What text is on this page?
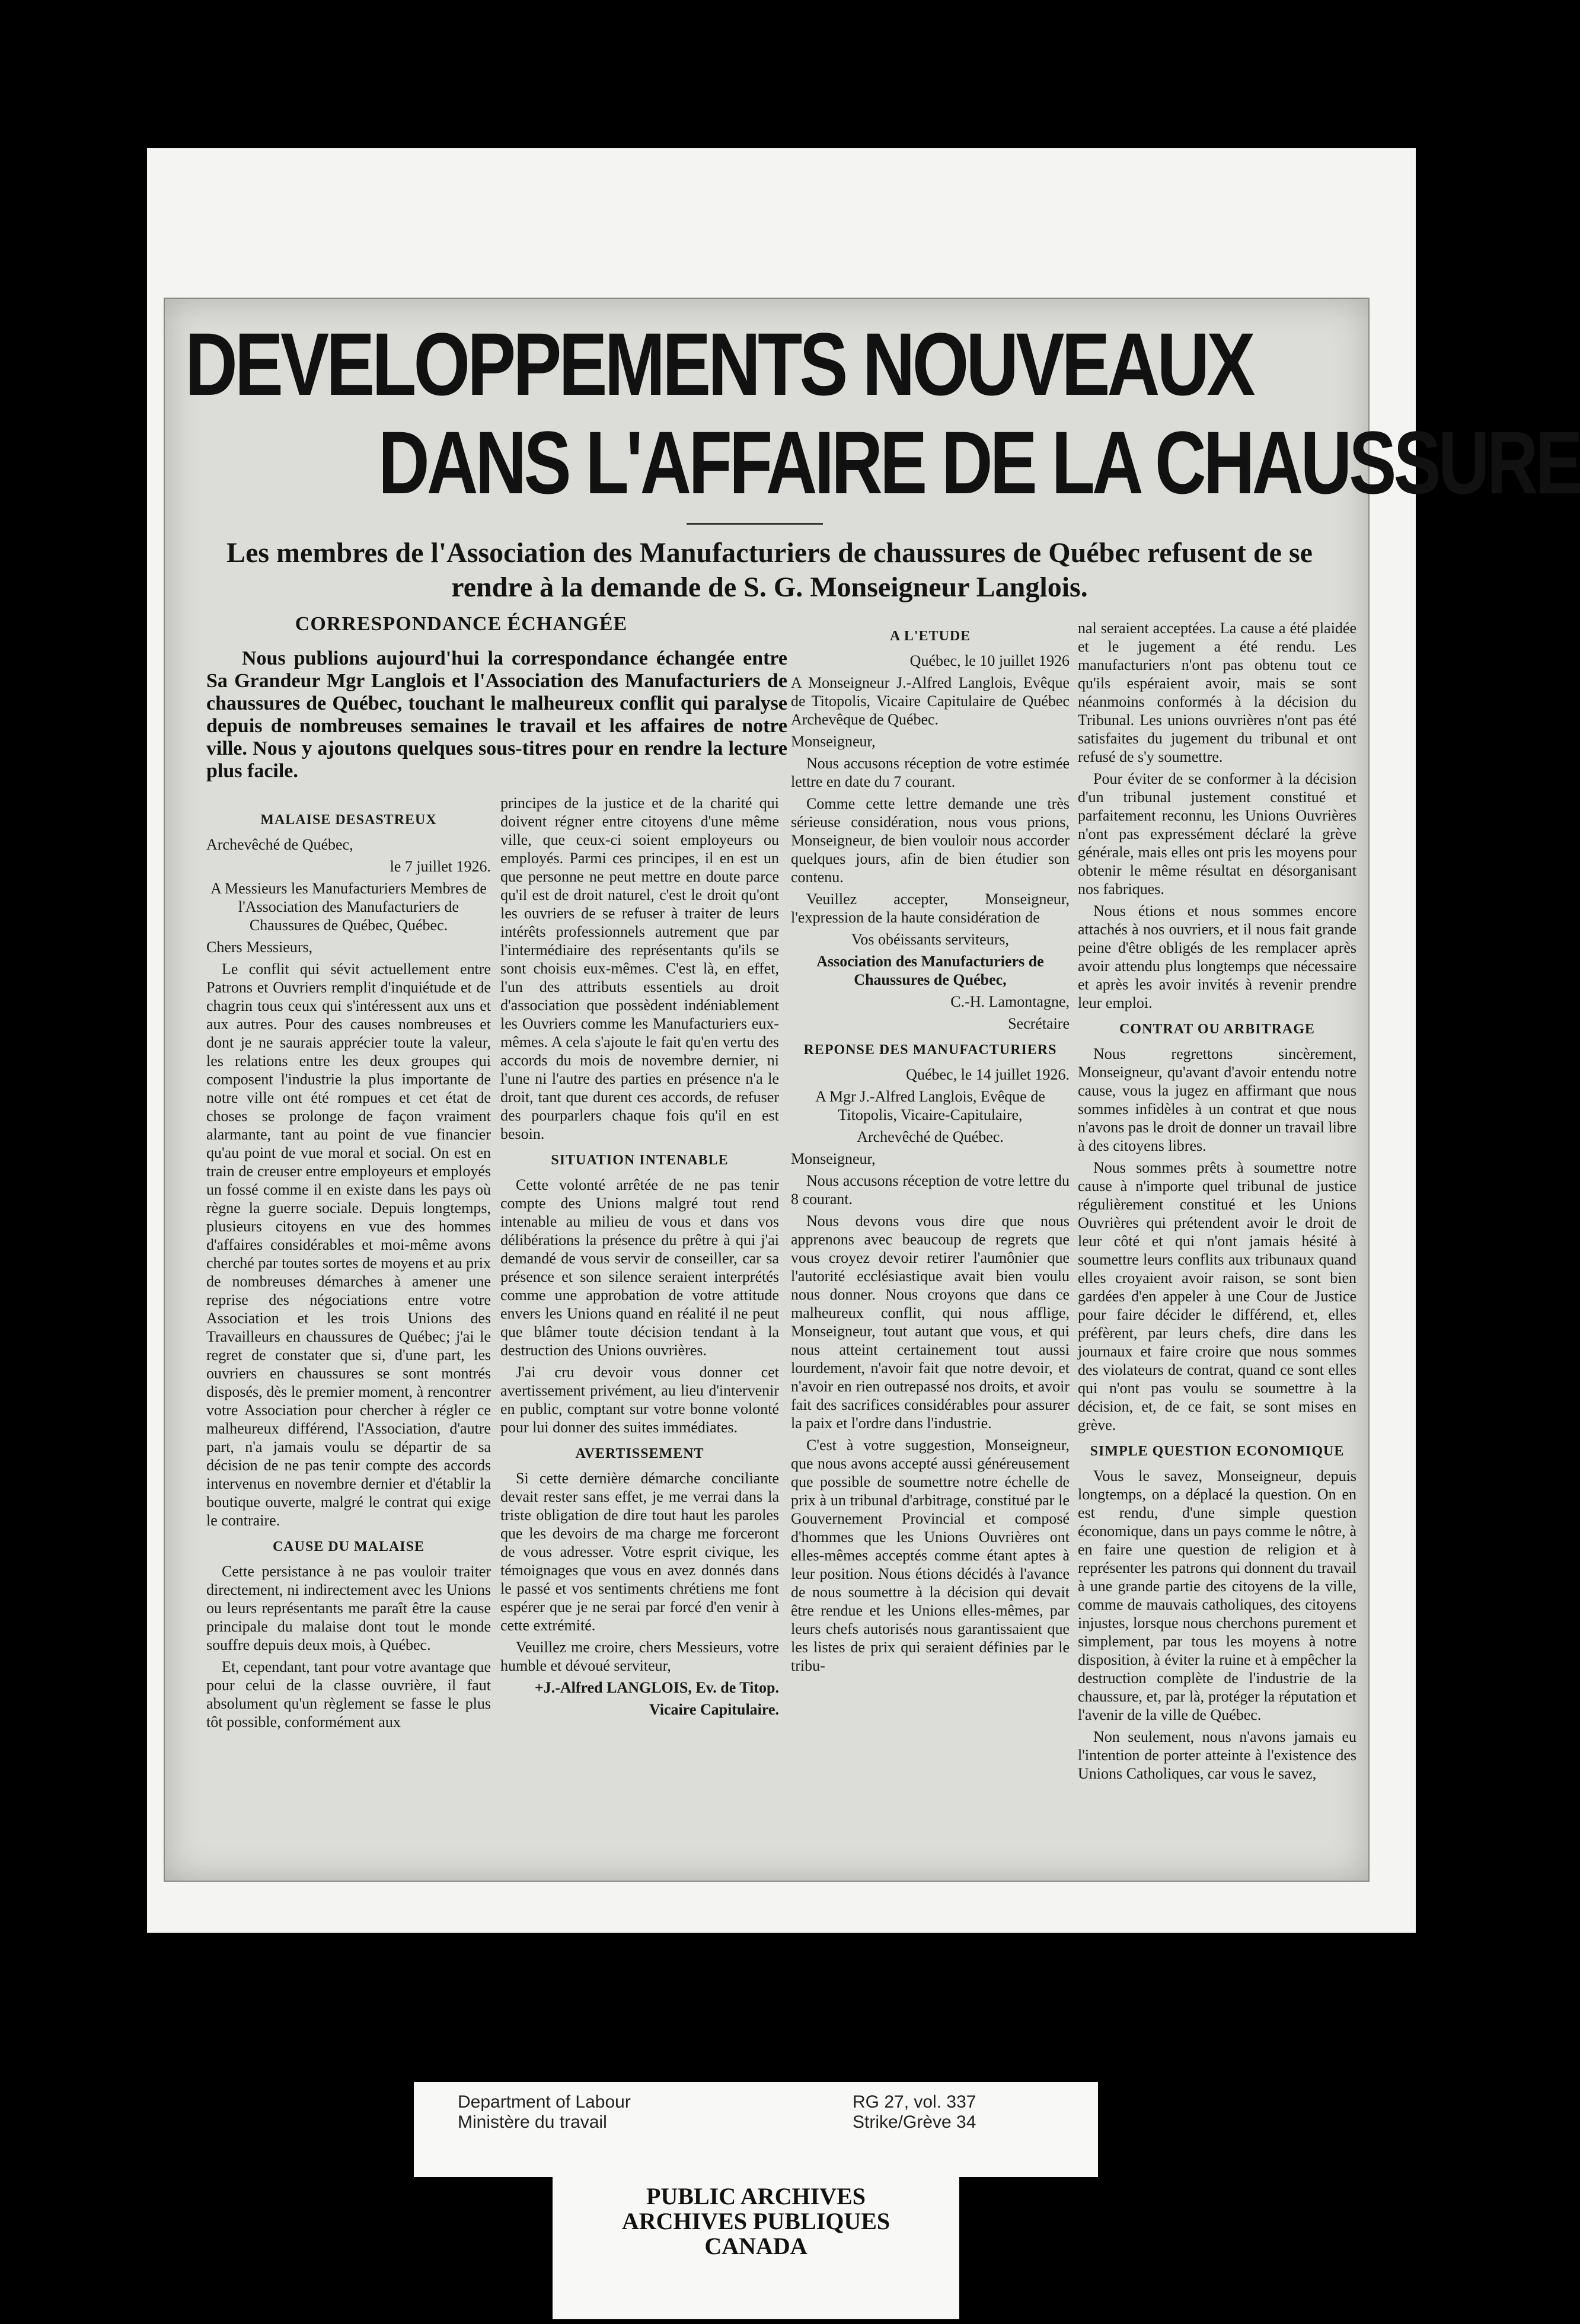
DEVELOPPEMENTS NOUVEAUX
DANS L'AFFAIRE DE LA CHAUSSURE
Les membres de l'Association des Manufacturiers de chaussures de Québec refusent de se rendre à la demande de S. G. Monseigneur Langlois.
CORRESPONDANCE ÉCHANGÉE

Nous publions aujourd'hui la correspondance échangée entre Sa Grandeur Mgr Langlois et l'Association des Manufacturiers de chaussures de Québec, touchant le malheureux conflit qui paralyse depuis de nombreuses semaines le travail et les affaires de notre ville. Nous y ajoutons quelques sous-titres pour en rendre la lecture plus facile.

MALAISE DESASTREUX

Archevêché de Québec,

le 7 juillet 1926.

A Messieurs les Manufacturiers Membres de l'Association des Manufacturiers de Chaussures de Québec, Québec.

Chers Messieurs,

Le conflit qui sévit actuellement entre Patrons et Ouvriers remplit d'inquiétude et de chagrin tous ceux qui s'intéressent aux uns et aux autres. Pour des causes nombreuses et dont je ne saurais apprécier toute la valeur, les relations entre les deux groupes qui composent l'industrie la plus importante de notre ville ont été rompues et cet état de choses se prolonge de façon vraiment alarmante, tant au point de vue financier qu'au point de vue moral et social. On est en train de creuser entre employeurs et employés un fossé comme il en existe dans les pays où règne la guerre sociale. Depuis longtemps, plusieurs citoyens en vue des hommes d'affaires considérables et moi-même avons cherché par toutes sortes de moyens et au prix de nombreuses démarches à amener une reprise des négociations entre votre Association et les trois Unions des Travailleurs en chaussures de Québec; j'ai le regret de constater que si, d'une part, les ouvriers en chaussures se sont montrés disposés, dès le premier moment, à rencontrer votre Association pour chercher à régler ce malheureux différend, l'Association, d'autre part, n'a jamais voulu se départir de sa décision de ne pas tenir compte des accords intervenus en novembre dernier et d'établir la boutique ouverte, malgré le contrat qui exige le contraire.

CAUSE DU MALAISE

Cette persistance à ne pas vouloir traiter directement, ni indirectement avec les Unions ou leurs représentants me paraît être la cause principale du malaise dont tout le monde souffre depuis deux mois, à Québec.

Et, cependant, tant pour votre avantage que pour celui de la classe ouvrière, il faut absolument qu'un règlement se fasse le plus tôt possible, conformément aux

principes de la justice et de la charité qui doivent régner entre citoyens d'une même ville, que ceux-ci soient employeurs ou employés. Parmi ces principes, il en est un que personne ne peut mettre en doute parce qu'il est de droit naturel, c'est le droit qu'ont les ouvriers de se refuser à traiter de leurs intérêts professionnels autrement que par l'intermédiaire des représentants qu'ils se sont choisis eux-mêmes. C'est là, en effet, l'un des attributs essentiels au droit d'association que possèdent indéniablement les Ouvriers comme les Manufacturiers eux-mêmes. A cela s'ajoute le fait qu'en vertu des accords du mois de novembre dernier, ni l'une ni l'autre des parties en présence n'a le droit, tant que durent ces accords, de refuser des pourparlers chaque fois qu'il en est besoin.

SITUATION INTENABLE

Cette volonté arrêtée de ne pas tenir compte des Unions malgré tout rend intenable au milieu de vous et dans vos délibérations la présence du prêtre à qui j'ai demandé de vous servir de conseiller, car sa présence et son silence seraient interprétés comme une approbation de votre attitude envers les Unions quand en réalité il ne peut que blâmer toute décision tendant à la destruction des Unions ouvrières.

J'ai cru devoir vous donner cet avertissement privément, au lieu d'intervenir en public, comptant sur votre bonne volonté pour lui donner des suites immédiates.

AVERTISSEMENT

Si cette dernière démarche conciliante devait rester sans effet, je me verrai dans la triste obligation de dire tout haut les paroles que les devoirs de ma charge me forceront de vous adresser. Votre esprit civique, les témoignages que vous en avez donnés dans le passé et vos sentiments chrétiens me font espérer que je ne serai par forcé d'en venir à cette extrémité.

Veuillez me croire, chers Messieurs, votre humble et dévoué serviteur,

+J.-Alfred LANGLOIS, Ev. de Titop.

Vicaire Capitulaire.

A L'ETUDE

Québec, le 10 juillet 1926

A Monseigneur J.-Alfred Langlois, Evêque de Titopolis, Vicaire Capitulaire de Québec Archevêque de Québec.

Monseigneur,

Nous accusons réception de votre estimée lettre en date du 7 courant.

Comme cette lettre demande une très sérieuse considération, nous vous prions, Monseigneur, de bien vouloir nous accorder quelques jours, afin de bien étudier son contenu.

Veuillez accepter, Monseigneur, l'expression de la haute considération de

Vos obéissants serviteurs,

Association des Manufacturiers de Chaussures de Québec,

C.-H. Lamontagne,

Secrétaire

REPONSE DES MANUFACTURIERS

Québec, le 14 juillet 1926.

A Mgr J.-Alfred Langlois, Evêque de Titopolis, Vicaire-Capitulaire,

Archevêché de Québec.

Monseigneur,

Nous accusons réception de votre lettre du 8 courant.

Nous devons vous dire que nous apprenons avec beaucoup de regrets que vous croyez devoir retirer l'aumônier que l'autorité ecclésiastique avait bien voulu nous donner. Nous croyons que dans ce malheureux conflit, qui nous afflige, Monseigneur, tout autant que vous, et qui nous atteint certainement tout aussi lourdement, n'avoir fait que notre devoir, et n'avoir en rien outrepassé nos droits, et avoir fait des sacrifices considérables pour assurer la paix et l'ordre dans l'industrie.

C'est à votre suggestion, Monseigneur, que nous avons accepté aussi généreusement que possible de soumettre notre échelle de prix à un tribunal d'arbitrage, constitué par le Gouvernement Provincial et composé d'hommes que les Unions Ouvrières ont elles-mêmes acceptés comme étant aptes à leur position. Nous étions décidés à l'avance de nous soumettre à la décision qui devait être rendue et les Unions elles-mêmes, par leurs chefs autorisés nous garantissaient que les listes de prix qui seraient définies par le tribu-

nal seraient acceptées. La cause a été plaidée et le jugement a été rendu. Les manufacturiers n'ont pas obtenu tout ce qu'ils espéraient avoir, mais se sont néanmoins conformés à la décision du Tribunal. Les unions ouvrières n'ont pas été satisfaites du jugement du tribunal et ont refusé de s'y soumettre.

Pour éviter de se conformer à la décision d'un tribunal justement constitué et parfaitement reconnu, les Unions Ouvrières n'ont pas expressément déclaré la grève générale, mais elles ont pris les moyens pour obtenir le même résultat en désorganisant nos fabriques.

Nous étions et nous sommes encore attachés à nos ouvriers, et il nous fait grande peine d'être obligés de les remplacer après avoir attendu plus longtemps que nécessaire et après les avoir invités à revenir prendre leur emploi.

CONTRAT OU ARBITRAGE

Nous regrettons sincèrement, Monseigneur, qu'avant d'avoir entendu notre cause, vous la jugez en affirmant que nous sommes infidèles à un contrat et que nous n'avons pas le droit de donner un travail libre à des citoyens libres.

Nous sommes prêts à soumettre notre cause à n'importe quel tribunal de justice régulièrement constitué et les Unions Ouvrières qui prétendent avoir le droit de leur côté et qui n'ont jamais hésité à soumettre leurs conflits aux tribunaux quand elles croyaient avoir raison, se sont bien gardées d'en appeler à une Cour de Justice pour faire décider le différend, et, elles préfèrent, par leurs chefs, dire dans les journaux et faire croire que nous sommes des violateurs de contrat, quand ce sont elles qui n'ont pas voulu se soumettre à la décision, et, de ce fait, se sont mises en grève.

SIMPLE QUESTION ECONOMIQUE

Vous le savez, Monseigneur, depuis longtemps, on a déplacé la question. On en est rendu, d'une simple question économique, dans un pays comme le nôtre, à en faire une question de religion et à représenter les patrons qui donnent du travail à une grande partie des citoyens de la ville, comme de mauvais catholiques, des citoyens injustes, lorsque nous cherchons purement et simplement, par tous les moyens à notre disposition, à éviter la ruine et à empêcher la destruction complète de l'industrie de la chaussure, et, par là, protéger la réputation et l'avenir de la ville de Québec.

Non seulement, nous n'avons jamais eu l'intention de porter atteinte à l'existence des Unions Catholiques, car vous le savez,

Department of Labour
Ministère du travail
RG 27, vol. 337
Strike/Grève 34
PUBLIC ARCHIVES
ARCHIVES PUBLIQUES
CANADA
